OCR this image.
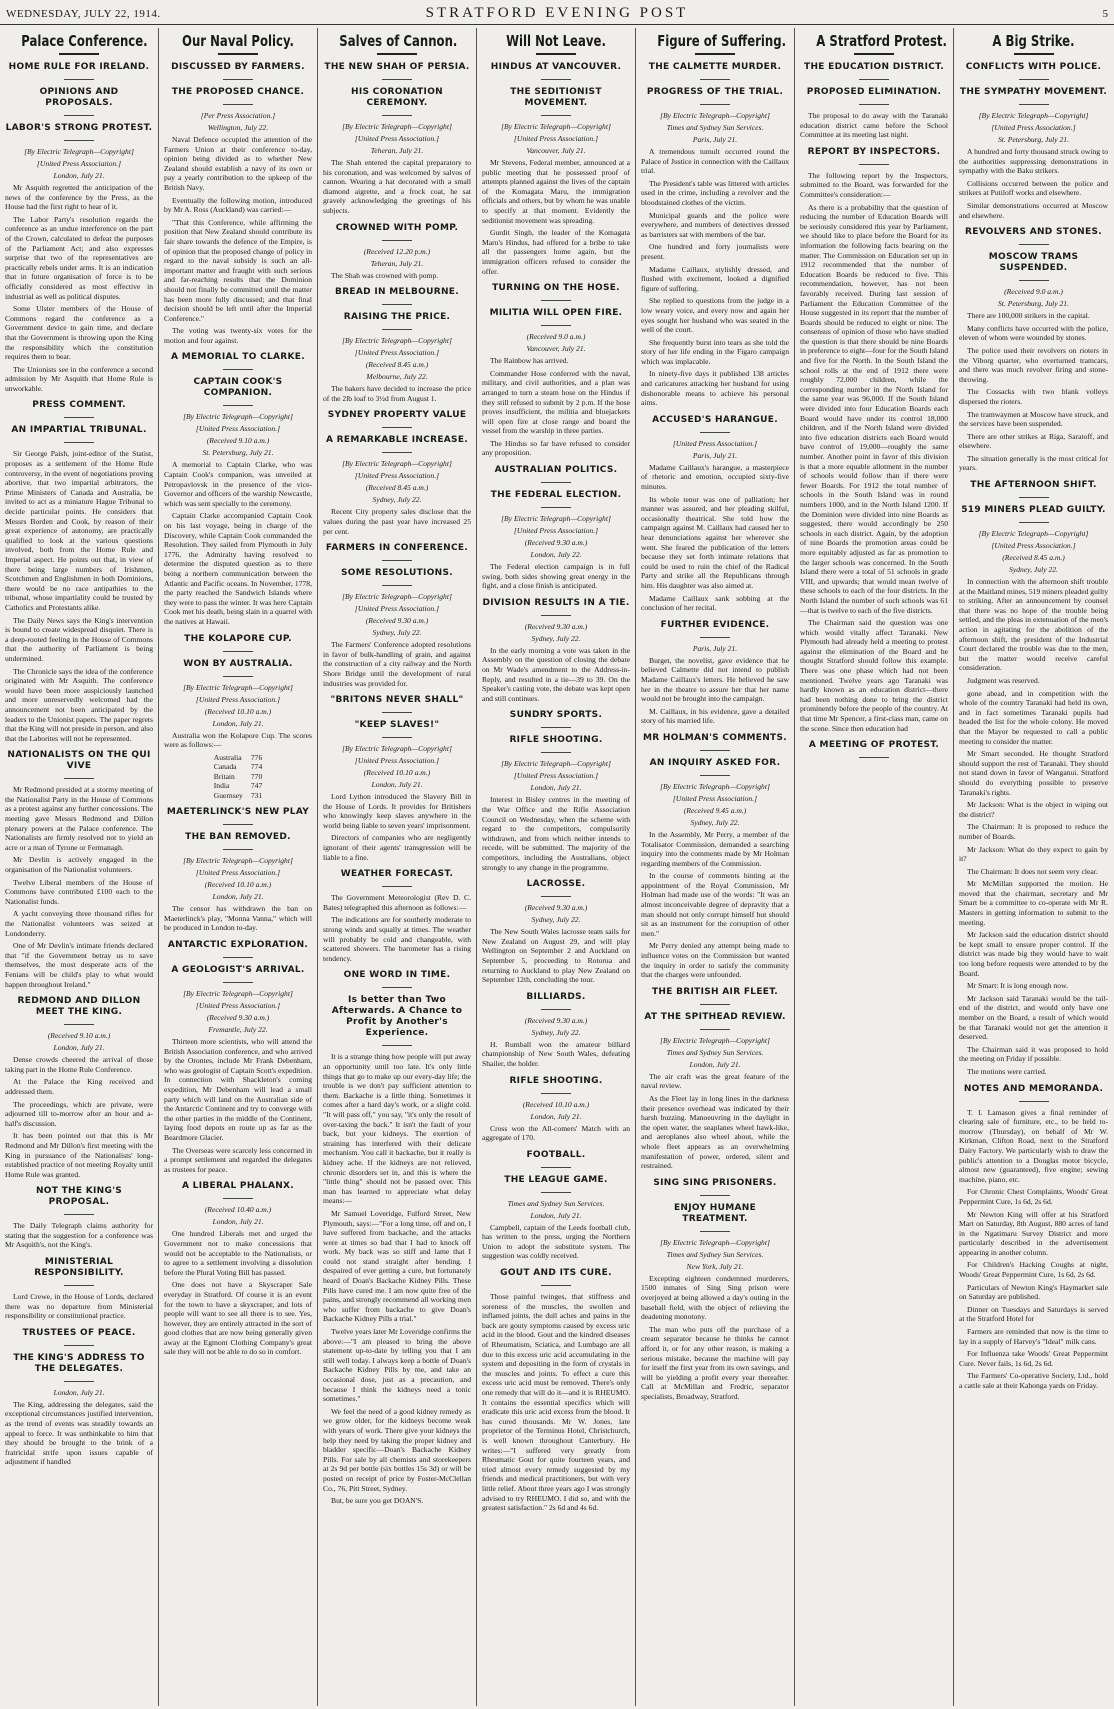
WEDNESDAY, JULY 22, 1914.	STRATFORD EVENING POST	5
Palace Conference.
HOME RULE FOR IRELAND.
OPINIONS AND PROPOSALS.
LABOR'S STRONG PROTEST.
[By Electric Telegraph—Copyright]
[United Press Association.]
London, July 21.

Mr Asquith regretted the anticipation of the news of the conference by the Press, as the House had the first right to hear of it.

The Labor Party's resolution regards the conference as an undue interference on the part of the Crown, calculated to defeat the purposes of the Parliament Act; and also expresses surprise that two of the representatives are practically rebels under arms. It is an indication that in future organisation of force is to be officially considered as most effective in industrial as well as political disputes.

Some Ulster members of the House of Commons regard the conference as a Government device to gain time, and declare that the Government is throwing upon the King the responsibility which the constitution requires them to bear.

The Unionists see in the conference a second admission by Mr Asquith that Home Rule is unworkable.

PRESS COMMENT.
AN IMPARTIAL TRIBUNAL.

Sir George Paish, joint-editor of the Statist, proposes as a settlement of the Home Rule controversy, in the event of negotiations proving abortive, that two impartial arbitrators, the Prime Ministers of Canada and Australia, be invited to act as a miniature Hague Tribunal to decide particular points. He considers that Messrs Borden and Cook, by reason of their great experience of autonomy, are practically qualified to look at the various questions involved, both from the Home Rule and Imperial aspect. He points out that, in view of there being large numbers of Irishmen, Scotchmen and Englishmen in both Dominions, there would be no race antipathies to the tribunal, whose impartiality could be trusted by Catholics and Protestants alike.

The Daily News says the King's intervention is bound to create widespread disquiet. There is a deep-rooted feeling in the House of Commons that the authority of Parliament is being undermined.

The Chronicle says the idea of the conference originated with Mr Asquith. The conference would have been more auspiciously launched and more unreservedly welcomed had the announcement not been anticipated by the leaders to the Unionist papers. The paper regrets that the King will not preside in person, and also that the Laborites will not be represented.

NATIONALISTS ON THE QUI VIVE

Mr Redmond presided at a stormy meeting of the Nationalist Party in the House of Commons as a protest against any further concessions. The meeting gave Messrs Redmond and Dillon plenary powers at the Palace conference. The Nationalists are firmly resolved not to yield an acre or a man of Tyrone or Fermanagh.

Mr Devlin is actively engaged in the organisation of the Nationalist volunteers.

Twelve Liberal members of the House of Commons have contributed £100 each to the Nationalist funds.

A yacht conveying three thousand rifles for the Nationalist volunteers was seized at Londonderry.

One of Mr Devlin's intimate friends declared that "if the Government betray us to save themselves, the most desperate acts of the Fenians will be child's play to what would happen throughout Ireland."

REDMOND AND DILLON MEET THE KING.
(Received 9.10 a.m.)
London, July 21.

Dense crowds cheered the arrival of those taking part in the Home Rule Conference.

At the Palace the King received and addressed them.

The proceedings, which are private, were adjourned till to-morrow after an hour and a-half's discussion.

It has been pointed out that this is Mr Redmond and Mr Dillon's first meeting with the King in pursuance of the Nationalists' long-established practice of not meeting Royalty until Home Rule was granted.

NOT THE KING'S PROPOSAL.

The Daily Telegraph claims authority for stating that the suggestion for a conference was Mr Asquith's, not the King's.

MINISTERIAL RESPONSIBILITY.

Lord Crewe, in the House of Lords, declared there was no departure from Ministerial responsibility or constitutional practice.

TRUSTEES OF PEACE.
THE KING'S ADDRESS TO THE DELEGATES.
London, July 21.

The King, addressing the delegates, said the exceptional circumstances justified intervention, as the trend of events was steadily towards an appeal to force. It was unthinkable to him that they should be brought to the brink of a fratricidal strife upon issues capable of adjustment if handled

Our Naval Policy.
DISCUSSED BY FARMERS.
THE PROPOSED CHANCE.
[Per Press Association.]
Wellington, July 22.

Naval Defence occupied the attention of the Farmers Union at their conference to-day, opinion being divided as to whether New Zealand should establish a navy of its own or pay a yearly contribution to the upkeep of the British Navy.

Eventually the following motion, introduced by Mr A. Ross (Auckland) was carried:—

"That this Conference, while affirming the position that New Zealand should contribute its fair share towards the defence of the Empire, is of opinion that the proposed change of policy in regard to the naval subsidy is such an all-important matter and fraught with such serious and far-reaching results that the Dominion should not finally be committed until the matter has been more fully discussed; and that final decision should be left until after the Imperial Conference."

The voting was twenty-six votes for the motion and four against.

A MEMORIAL TO CLARKE.
CAPTAIN COOK'S COMPANION.
[By Electric Telegraph—Copyright]
[United Press Association.]
(Received 9.10 a.m.)
St. Petersburg, July 21.

A memorial to Captain Clarke, who was Captain Cook's companion, was unveiled at Petropavlovsk in the presence of the vice-Governor and officers of the warship Newcastle, which was sent specially to the ceremony.

Captain Clarke accompanied Captain Cook on his last voyage, being in charge of the Discovery, while Captain Cook commanded the Resolution. They sailed from Plymouth in July 1776, the Admiralty having resolved to determine the disputed question as to there being a northern communication between the Atlantic and Pacific oceans. In November, 1778, the party reached the Sandwich Islands where they were to pass the winter. It was here Captain Cook met his death, being slain in a quarrel with the natives at Hawaii.

THE KOLAPORE CUP.
WON BY AUSTRALIA.
[By Electric Telegraph—Copyright]
[United Press Association.]
(Received 10.10 a.m.)
London, July 21.

Australia won the Kolapore Cup. The scores were as follows:—

Australia	776
Canada	774
Britain	770
India	747
Guernsey	731
MAETERLINCK'S NEW PLAY
THE BAN REMOVED.
[By Electric Telegraph—Copyright]
[United Press Association.]
(Received 10.10 a.m.)
London, July 21.

The censor has withdrawn the ban on Maeterlinck's play, "Monna Vanna," which will be produced in London to-day.

ANTARCTIC EXPLORATION.
A GEOLOGIST'S ARRIVAL.
[By Electric Telegraph—Copyright]
[United Press Association.]
(Received 9.30 a.m.)
Fremantle, July 22.

Thirteen more scientists, who will attend the British Association conference, and who arrived by the Orontes, include Mr Frank Debenham, who was geologist of Captain Scott's expedition. In connection with Shackleton's coming expedition, Mr Debenham will lead a small party which will land on the Australian side of the Antarctic Continent and try to converge with the other parties in the middle of the Continent, laying food depots en route up as far as the Beardmore Glacier.

The Overseas were scarcely less concerned in a prompt settlement and regarded the delegates as trustees for peace.

A LIBERAL PHALANX.
(Received 10.40 a.m.)
London, July 21.

One hundred Liberals met and urged the Government not to make concessions that would not be acceptable to the Nationalists, or to agree to a settlement involving a dissolution before the Plural Voting Bill has passed.

One does not have a Skyscraper Sale everyday in Stratford. Of course it is an event for the town to have a skyscraper, and lots of people will want to see all there is to see. Yes, however, they are entirely attracted in the sort of good clothes that are now being generally given away at the Egmont Clothing Company's great sale they will not be able to do so in comfort.

Salves of Cannon.
THE NEW SHAH OF PERSIA.
HIS CORONATION CEREMONY.
[By Electric Telegraph—Copyright]
[United Press Association.]
Teheran, July 21.

The Shah entered the capital preparatory to his coronation, and was welcomed by salvos of cannon. Wearing a hat decorated with a small diamond aigrette, and a frock coat, he sat gravely acknowledging the greetings of his subjects.

CROWNED WITH POMP.
(Received 12.20 p.m.)
Teheran, July 21.

The Shah was crowned with pomp.

BREAD IN MELBOURNE.
RAISING THE PRICE.
[By Electric Telegraph—Copyright]
[United Press Association.]
(Received 8.45 a.m.)
Melbourne, July 22.

The bakers have decided to increase the price of the 2lb loaf to 3½d from August 1.

SYDNEY PROPERTY VALUE
A REMARKABLE INCREASE.
[By Electric Telegraph—Copyright]
[United Press Association.]
(Received 8.45 a.m.)
Sydney, July 22.

Recent City property sales disclose that the values during the past year have increased 25 per cent.

FARMERS IN CONFERENCE.
SOME RESOLUTIONS.
[By Electric Telegraph—Copyright]
[United Press Association.]
(Received 9.30 a.m.)
Sydney, July 22.

The Farmers' Conference adopted resolutions in favor of bulk-handling of grain, and against the construction of a city railway and the North Shore Bridge until the development of rural industries was provided for.

"BRITONS NEVER SHALL"
"KEEP SLAVES!"
[By Electric Telegraph—Copyright]
[United Press Association.]
(Received 10.10 a.m.)
London, July 21.

Lord Lython introduced the Slavery Bill in the House of Lords. It provides for Britishers who knowingly keep slaves anywhere in the world being liable to seven years' imprisonment.

Directors of companies who are negligently ignorant of their agents' transgression will be liable to a fine.

WEATHER FORECAST.

The Government Meteorologist (Rev D. C. Bates) telegraphed this afternoon as follows:—

The indications are for southerly moderate to strong winds and squally at times. The weather will probably be cold and changeable, with scattered showers. The barometer has a rising tendency.

ONE WORD IN TIME.
Is better than Two Afterwards. A Chance to Profit by Another's Experience.

It is a strange thing how people will put away an opportunity until too late. It's only little things that go to make up our every-day life; the trouble is we don't pay sufficient attention to them. Backache is a little thing. Sometimes it comes after a hard day's work, or a slight cold. "It will pass off," you say, "it's only the result of over-taxing the back." It isn't the fault of your back, but your kidneys. The exertion of straining has interfered with their delicate mechanism. You call it backache, but it really is kidney ache. If the kidneys are not relieved, chronic disorders set in, and this is where the "little thing" should not be passed over. This man has learned to appreciate what delay means:—

Mr Samuel Loveridge, Fulford Street, New Plymouth, says:—"For a long time, off and on, I have suffered from backache, and the attacks were at times so bad that I had to knock off work. My back was so stiff and lame that I could not stand straight after bending. I despaired of ever getting a cure, but fortunately heard of Doan's Backache Kidney Pills. These Pills have cured me. I am now quite free of the pains, and strongly recommend all working men who suffer from backache to give Doan's Backache Kidney Pills a trial."

Twelve years later Mr Loveridge confirms the above:—"I am pleased to bring the above statement up-to-date by telling you that I am still well today. I always keep a bottle of Doan's Backache Kidney Pills by me, and take an occasional dose, just as a precaution, and because I think the kidneys need a tonic sometimes."

We feel the need of a good kidney remedy as we grow older, for the kidneys become weak with years of work. There give your kidneys the help they need by taking the proper kidney and bladder specific—Doan's Backache Kidney Pills. For sale by all chemists and storekeepers at 2s 9d per bottle (six bottles 15s 3d) or will be posted on receipt of price by Foster-McClellan Co., 76, Pitt Street, Sydney.

But, be sure you get DOAN'S.

Will Not Leave.
HINDUS AT VANCOUVER.
THE SEDITIONIST MOVEMENT.
[By Electric Telegraph—Copyright]
[United Press Association.]
Vancouver, July 21.

Mr Stevens, Federal member, announced at a public meeting that he possessed proof of attempts planned against the lives of the captain of the Komagata Maru, the immigration officials and others, but by whom he was unable to specify at that moment. Evidently the seditionist movement was spreading.

Gurdit Singh, the leader of the Komagata Maru's Hindus, had offered for a bribe to take all the passengers home again, but the immigration officers refused to consider the offer.

TURNING ON THE HOSE.
MILITIA WILL OPEN FIRE.
(Received 9.0 a.m.)
Vancouver, July 21.

The Rainbow has arrived.

Commander Hose conferred with the naval, military, and civil authorities, and a plan was arranged to turn a steam hose on the Hindus if they still refused to submit by 2 p.m. If the hose proves insufficient, the militia and bluejackets will open fire at close range and board the vessel from the warship in three parties.

The Hindus so far have refused to consider any proposition.

AUSTRALIAN POLITICS.
THE FEDERAL ELECTION.
[By Electric Telegraph—Copyright]
[United Press Association.]
(Received 9.30 a.m.)
London, July 22.

The Federal election campaign is in full swing, both sides showing great energy in the fight, and a close finish is anticipated.

DIVISION RESULTS IN A TIE.
(Received 9.30 a.m.)
Sydney, July 22.

In the early morning a vote was taken in the Assembly on the question of closing the debate on Mr Wade's amendment to the Address-in-Reply, and resulted in a tie—39 to 39. On the Speaker's casting vote, the debate was kept open and still continues.

SUNDRY SPORTS.
RIFLE SHOOTING.
[By Electric Telegraph—Copyright]
[United Press Association.]
London, July 21.

Interest in Bisley centres in the meeting of the War Office and the Rifle Association Council on Wednesday, when the scheme with regard to the competitors, compulsorily withdrawn, and from which neither intends to recede, will be submitted. The majority of the competitors, including the Australians, object strongly to any change in the programme.

LACROSSE.
(Received 9.30 a.m.)
Sydney, July 22.

The New South Wales lacrosse team sails for New Zealand on August 29, and will play Wellington on September 2 and Auckland on September 5, proceeding to Rotorua and returning to Auckland to play New Zealand on September 12th, concluding the tour.

BILLIARDS.
(Received 9.30 a.m.)
Sydney, July 22.

H. Rumball won the amateur billiard championship of New South Wales, defeating Shailer, the holder.

RIFLE SHOOTING.
(Received 10.10 a.m.)
London, July 21.

Cross won the All-comers' Match with an aggregate of 170.

FOOTBALL.
THE LEAGUE GAME.
Times and Sydney Sun Services.
London, July 21.

Campbell, captain of the Leeds football club, has written to the press, urging the Northern Union to adopt the substitute system. The suggestion was coldly received.

GOUT AND ITS CURE.

Those painful twinges, that stiffness and soreness of the muscles, the swollen and inflamed joints, the dull aches and pains in the back are gouty symptoms caused by excess uric acid in the blood. Gout and the kindred diseases of Rheumatism, Sciatica, and Lumbago are all due to this excess uric acid accumulating in the system and depositing in the form of crystals in the muscles and joints. To effect a cure this excess uric acid must be removed. There's only one remedy that will do it—and it is RHEUMO. It contains the essential specifics which will eradicate this uric acid excess from the blood. It has cured thousands. Mr W. Jones, late proprietor of the Terminus Hotel, Christchurch, is well known throughout Canterbury. He writes:—"I suffered very greatly from Rheumatic Gout for quite fourteen years, and tried almost every remedy suggested by my friends and medical practitioners, but with very little relief. About three years ago I was strongly advised to try RHEUMO. I did so, and with the greatest satisfaction." 2s 6d and 4s 6d.

Figure of Suffering.
THE CALMETTE MURDER.
PROGRESS OF THE TRIAL.
[By Electric Telegraph—Copyright]
Times and Sydney Sun Services.
Paris, July 21.

A tremendous tumult occurred round the Palace of Justice in connection with the Caillaux trial.

The President's table was littered with articles used in the crime, including a revolver and the bloodstained clothes of the victim.

Municipal guards and the police were everywhere, and numbers of detectives dressed as barristers sat with members of the bar.

One hundred and forty journalists were present.

Madame Caillaux, stylishly dressed, and flushed with excitement, looked a dignified figure of suffering.

She replied to questions from the judge in a low weary voice, and every now and again her eyes sought her husband who was seated in the well of the court.

She frequently burst into tears as she told the story of her life ending in the Figaro campaign which was implacable.

In ninety-five days it published 138 articles and caricatures attacking her husband for using dishonorable means to achieve his personal aims.

ACCUSED'S HARANGUE.
[United Press Association.]
Paris, July 21.

Madame Caillaux's harangue, a masterpiece of rhetoric and emotion, occupied sixty-five minutes.

Its whole tenor was one of palliation; her manner was assured, and her pleading skilful, occasionally theatrical. She told how the campaign against M. Caillaux had caused her to hear denunciations against her wherever she went. She feared the publication of the letters because they set forth intimate relations that could be used to ruin the chief of the Radical Party and strike all the Republicans through him. His daughter was also aimed at.

Madame Caillaux sank sobbing at the conclusion of her recital.

FURTHER EVIDENCE.
Paris, July 21.

Burget, the novelist, gave evidence that he believed Calmette did not intend to publish Madame Caillaux's letters. He believed he saw her in the theatre to assure her that her name would not be brought into the campaign.

M. Caillaux, in his evidence, gave a detailed story of his married life.

MR HOLMAN'S COMMENTS.
AN INQUIRY ASKED FOR.
[By Electric Telegraph—Copyright]
[United Press Association.]
(Received 9.45 a.m.)
Sydney, July 22.

In the Assembly, Mr Perry, a member of the Totalisator Commission, demanded a searching inquiry into the comments made by Mr Holman regarding members of the Commission.

In the course of comments hinting at the appointment of the Royal Commission, Mr Holman had made use of the words: "It was an almost inconceivable degree of depravity that a man should not only corrupt himself but should sit as an instrument for the corruption of other men."

Mr Perry denied any attempt being made to influence votes on the Commission but wanted the inquiry in order to satisfy the community that the charges were unfounded.

THE BRITISH AIR FLEET.
AT THE SPITHEAD REVIEW.
[By Electric Telegraph—Copyright]
Times and Sydney Sun Services.
London, July 21.

The air craft was the great feature of the naval review.

As the Fleet lay in long lines in the darkness their presence overhead was indicated by their harsh buzzing. Manoeuvring in the daylight in the open water, the seaplanes wheel hawk-like, and aeroplanes also wheel about, while the whole fleet appears as an overwhelming manifestation of power, ordered, silent and restrained.

SING SING PRISONERS.
ENJOY HUMANE TREATMENT.
[By Electric Telegraph—Copyright]
Times and Sydney Sun Services.
New York, July 21.

Excepting eighteen condemned murderers, 1500 inmates of Sing Sing prison were overjoyed at being allowed a day's outing in the baseball field, with the object of relieving the deadening monotony.

The man who puts off the purchase of a cream separator because he thinks he cannot afford it, or for any other reason, is making a serious mistake, because the machine will pay for itself the first year from its own savings, and will be yielding a profit every year thereafter. Call at McMillan and Fredric, separator specialists, Broadway, Stratford.

A Stratford Protest.
THE EDUCATION DISTRICT.
PROPOSED ELIMINATION.

The proposal to do away with the Taranaki education district came before the School Committee at its meeting last night.

REPORT BY INSPECTORS.

The following report by the Inspectors, submitted to the Board, was forwarded for the Committee's consideration:—

As there is a probability that the question of reducing the number of Education Boards will be seriously considered this year by Parliament, we should like to place before the Board for its information the following facts bearing on the matter. The Commission on Education set up in 1912 recommended that the number of Education Boards be reduced to five. This recommendation, however, has not been favorably received. During last session of Parliament the Education Committee of the House suggested in its report that the number of Boards should be reduced to eight or nine. The consensus of opinion of those who have studied the question is that there should be nine Boards in preference to eight—four for the South Island and five for the North. In the South Island the school rolls at the end of 1912 there were roughly 72,000 children, while the corresponding number in the North Island for the same year was 96,000. If the South Island were divided into four Education Boards each Board would have under its control 18,000 children, and if the North Island were divided into five education districts each Board would have control of 19,000—roughly the same number. Another point in favor of this division is that a more equable allotment in the number of schools would follow than if there were fewer Boards. For 1912 the total number of schools in the South Island was in round numbers 1000, and in the North Island 1200. If the Dominion were divided into nine Boards as suggested, there would accordingly be 250 schools in each district. Again, by the adoption of nine Boards the promotion areas could be more equitably adjusted as far as promotion to the larger schools was concerned. In the South Island there were a total of 51 schools in grade VIII, and upwards; that would mean twelve of these schools to each of the four districts. In the North Island the number of such schools was 61—that is twelve to each of the five districts.

The Chairman said the question was one which would vitally affect Taranaki. New Plymouth had already held a meeting to protest against the elimination of the Board and he thought Stratford should follow this example. There was one phase which had not been mentioned. Twelve years ago Taranaki was hardly known as an education district—there had been nothing done to bring the district prominently before the people of the country. At that time Mr Spencer, a first-class man, came on the scene. Since then education had

A MEETING OF PROTEST.
A Big Strike.
CONFLICTS WITH POLICE.
THE SYMPATHY MOVEMENT.
[By Electric Telegraph—Copyright]
[United Press Association.]
St. Petersburg, July 21.

A hundred and forty thousand struck owing to the authorities suppressing demonstrations in sympathy with the Baku strikers.

Collisions occurred between the police and strikers at Putiloff works and elsewhere.

Similar demonstrations occurred at Moscow and elsewhere.

REVOLVERS AND STONES.
MOSCOW TRAMS SUSPENDED.
(Received 9.0 a.m.)
St. Petersburg, July 21.

There are 100,000 strikers in the capital.

Many conflicts have occurred with the police, eleven of whom were wounded by stones.

The police used their revolvers on rioters in the Viborg quarter, who overturned tramcars, and there was much revolver firing and stone-throwing.

The Cossacks with two blank volleys dispersed the rioters.

The tramwaymen at Moscow have struck, and the services have been suspended.

There are other strikes at Riga, Saratoff, and elsewhere.

The situation generally is the most critical for years.

THE AFTERNOON SHIFT.
519 MINERS PLEAD GUILTY.
[By Electric Telegraph—Copyright]
[United Press Association.]
(Received 8.45 a.m.)
Sydney, July 22.

In connection with the afternoon shift trouble at the Maitland mines, 519 miners pleaded guilty to striking. After an announcement by counsel that there was no hope of the trouble being settled, and the pleas in extenuation of the men's action in agitating for the abolition of the afternoon shift, the president of the Industrial Court declared the trouble was due to the men, but the matter would receive careful consideration.

Judgment was reserved.

gone ahead, and in competition with the whole of the country Taranaki had held its own, and in fact sometimes Taranaki pupils had headed the list for the whole colony. He moved that the Mayor be requested to call a public meeting to consider the matter.

Mr Smart seconded. He thought Stratford should support the rest of Taranaki. They should not stand down in favor of Wanganui. Stratford should do everything possible to preserve Taranaki's rights.

Mr Jackson: What is the object in wiping out the district?

The Chairman: It is proposed to reduce the number of Boards.

Mr Jackson: What do they expect to gain by it?

The Chairman: It does not seem very clear.

Mr McMillan supported the motion. He moved that the chairman, secretary and Mr Smart be a committee to co-operate with Mr R. Masters in getting information to submit to the meeting.

Mr Jackson said the education district should be kept small to ensure proper control. If the district was made big they would have to wait too long before requests were attended to by the Board.

Mr Smart: It is long enough now.

Mr Jackson said Taranaki would be the tail-end of the district, and would only have one member on the Board, a result of which would be that Taranaki would not get the attention it deserved.

The Chairman said it was proposed to hold the meeting on Friday if possible.

The motions were carried.

NOTES AND MEMORANDA.

T. I. Lamason gives a final reminder of clearing sale of furniture, etc., to be held to-morrow (Thursday), on behalf of Mr W. Kirkman, Clifton Road, next to the Stratford Dairy Factory. We particularly wish to draw the public's attention to a Douglas motor bicycle, almost new (guaranteed), five engine; sewing machine, piano, etc.

For Chronic Chest Complaints, Woods' Great Peppermint Cure, 1s 6d, 2s 6d.

Mr Newton King will offer at his Stratford Mart on Saturday, 8th August, 880 acres of land in the Ngatimaru Survey District and more particularly described in the advertisement appearing in another column.

For Children's Hacking Coughs at night, Woods' Great Peppermint Cure, 1s 6d, 2s 6d.

Particulars of Newton King's Haymarket sale on Saturday are published.

Dinner on Tuesdays and Saturdays is served at the Stratford Hotel for

Farmers are reminded that now is the time to lay in a supply of Harvey's "Ideal" milk cans.

For Influenza take Woods' Great Peppermint Cure. Never fails, 1s 6d, 2s 6d.

The Farmers' Co-operative Society, Ltd., hold a cattle sale at their Kahonga yards on Friday.
